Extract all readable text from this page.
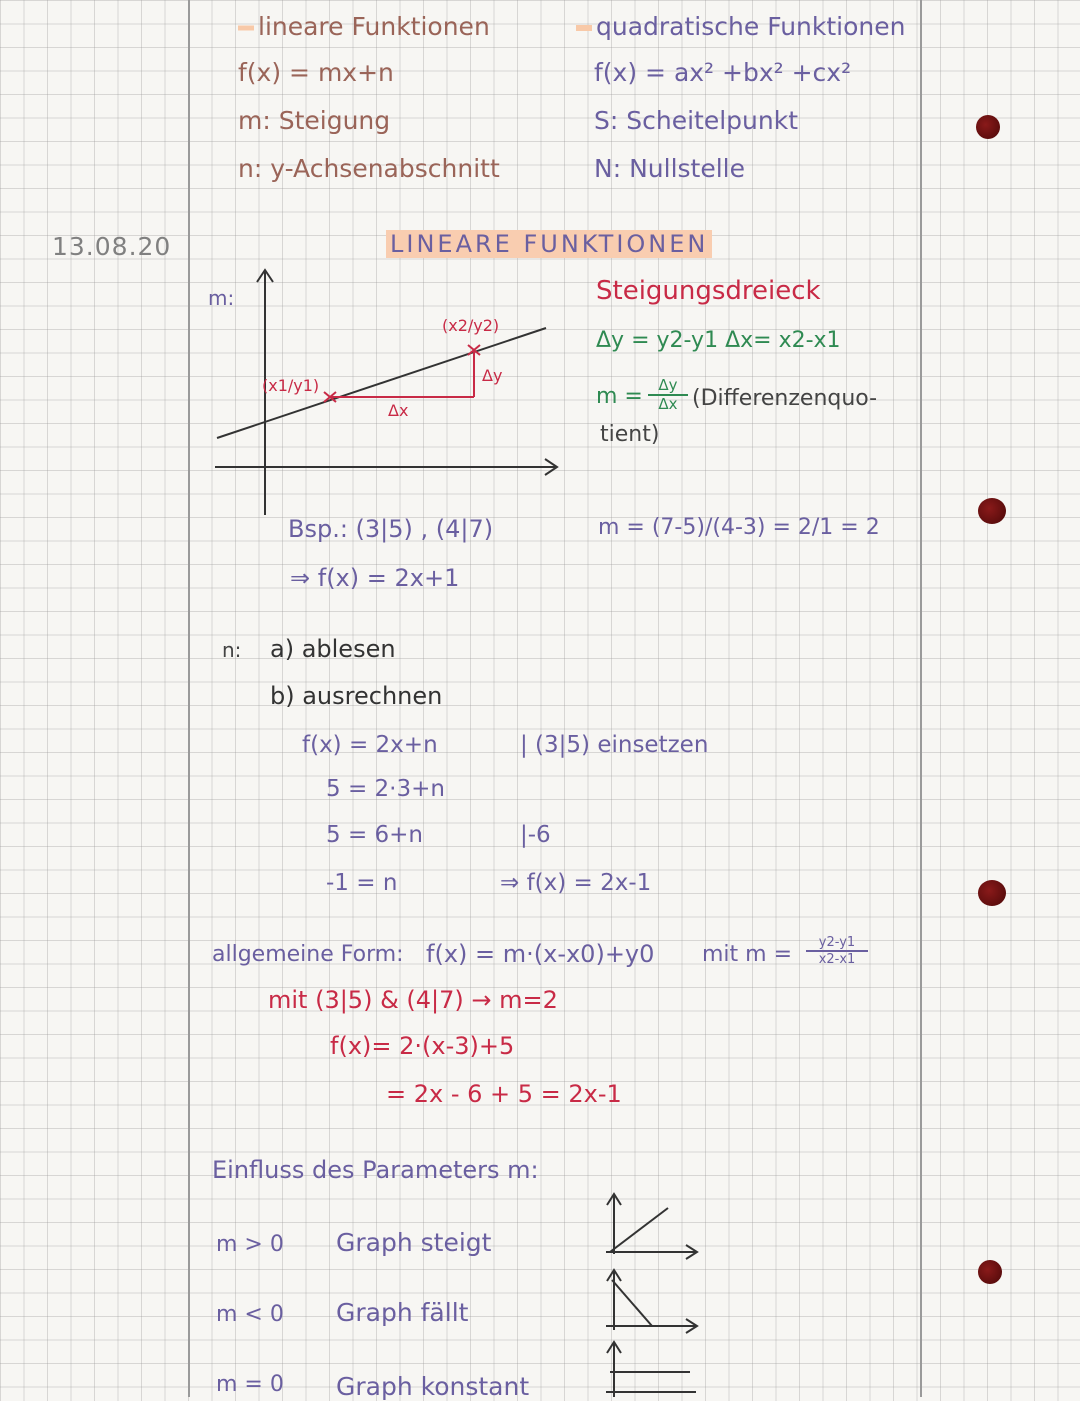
lineare Funktionen
f(x) = mx+n
m: Steigung
n: y-Achsenabschnitt
quadratische Funktionen
f(x) = ax² +bx² +cx²
S: Scheitelpunkt
N: Nullstelle
13.08.20	LINEARE FUNKTIONEN
m:
(x1/y1)
(x2/y2)
Δx
Δy
Steigungsdreieck
Δy = y2-y1 Δx= x2-x1
$m = \frac{\Delta y}{\Delta x}$ (Differenzenquo-
tient)
Bsp.: (3|5) , (4|7)	m = (7-5)/(4-3) = 2/1 = 2
⇒ f(x) = 2x+1
n: a) ablesen
b) ausrechnen
f(x) = 2x+n	| (3|5) einsetzen
5 = 2·3+n
5 = 6+n	|-6
-1 = n	⇒ f(x) = 2x-1
allgemeine Form: f(x) = m·(x-x0)+y0 mit $m = \frac{y2-y1}{x2-x1}$
mit (3|5) & (4|7) → m=2
f(x)= 2·(x-3)+5
= 2x - 6 + 5 = 2x-1
Einfluss des Parameters m:
m > 0 Graph steigt
m < 0 Graph fällt
m = 0 Graph konstant
